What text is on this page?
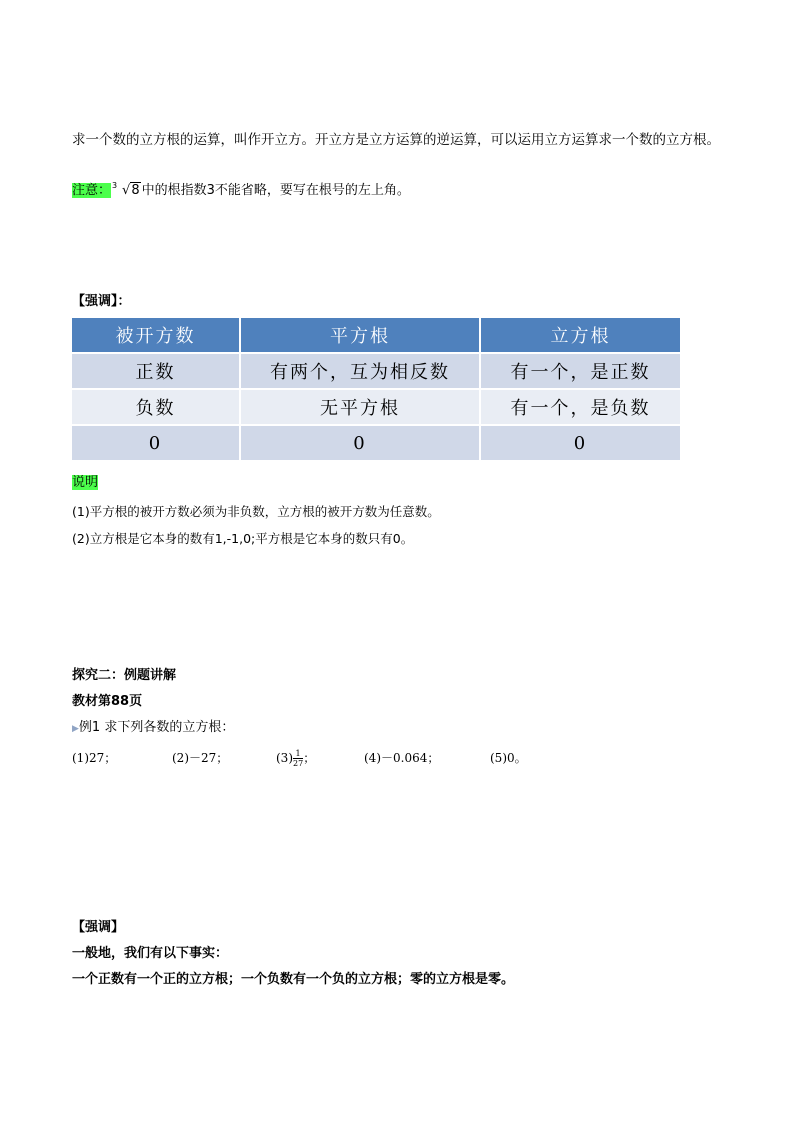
求一个数的立方根的运算，叫作开立方。开立方是立方运算的逆运算，可以运用立方运算求一个数的立方根。
注意： 3 √8 中的根指数3不能省略，要写在根号的左上角。
【强调】：
被开方数	平方根	立方根
正数	有两个，互为相反数	有一个，是正数
负数	无平方根	有一个，是负数
0	0	0
说明
(1)平方根的被开方数必须为非负数，立方根的被开方数为任意数。
(2)立方根是它本身的数有1,-1,0;平方根是它本身的数只有0。
探究二：例题讲解
教材第88页
▶例1 求下列各数的立方根：
(1)27；	(2)－27；	$(3) \frac{1}{27}$ ；	(4)－0.064；	(5)0。
【强调】
一般地，我们有以下事实：
一个正数有一个正的立方根；一个负数有一个负的立方根；零的立方根是零。
